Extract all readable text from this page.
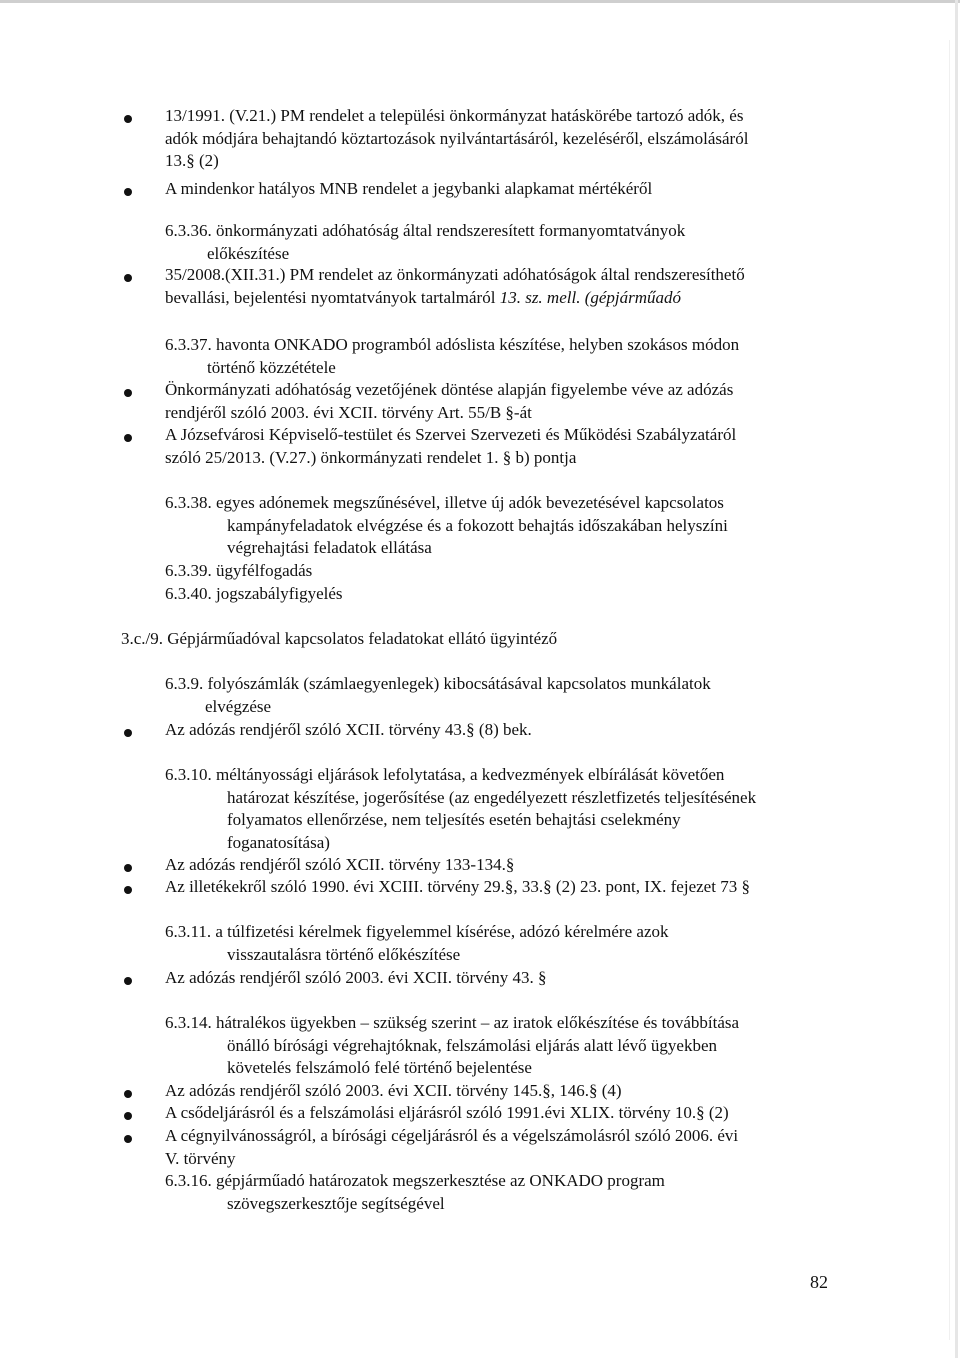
13/1991. (V.21.) PM rendelet a települési önkormányzat hatáskörébe tartozó adók, és
adók módjára behajtandó köztartozások nyilvántartásáról, kezeléséről, elszámolásáról
13.§ (2)
A mindenkor hatályos MNB rendelet a jegybanki alapkamat mértékéről
6.3.36. önkormányzati adóhatóság által rendszeresített formanyomtatványok
előkészítése
35/2008.(XII.31.) PM rendelet az önkormányzati adóhatóságok által rendszeresíthető
bevallási, bejelentési nyomtatványok tartalmáról 13. sz. mell. (gépjárműadó
6.3.37. havonta ONKADO programból adóslista készítése, helyben szokásos módon
történő közzététele
Önkormányzati adóhatóság vezetőjének döntése alapján figyelembe véve az adózás
rendjéről szóló 2003. évi XCII. törvény Art. 55/B §-át
A Józsefvárosi Képviselő-testület és Szervei Szervezeti és Működési Szabályzatáról
szóló 25/2013. (V.27.) önkormányzati rendelet 1. § b) pontja
6.3.38. egyes adónemek megszűnésével, illetve új adók bevezetésével kapcsolatos
kampányfeladatok elvégzése és a fokozott behajtás időszakában helyszíni
végrehajtási feladatok ellátása
6.3.39. ügyfélfogadás
6.3.40. jogszabályfigyelés
3.c./9. Gépjárműadóval kapcsolatos feladatokat ellátó ügyintéző
6.3.9. folyószámlák (számlaegyenlegek) kibocsátásával kapcsolatos munkálatok
elvégzése
Az adózás rendjéről szóló XCII. törvény 43.§ (8) bek.
6.3.10. méltányossági eljárások lefolytatása, a kedvezmények elbírálását követően
határozat készítése, jogerősítése (az engedélyezett részletfizetés teljesítésének
folyamatos ellenőrzése, nem teljesítés esetén behajtási cselekmény
foganatosítása)
Az adózás rendjéről szóló XCII. törvény 133-134.§
Az illetékekről szóló 1990. évi XCIII. törvény 29.§, 33.§ (2) 23. pont, IX. fejezet 73 §
6.3.11. a túlfizetési kérelmek figyelemmel kísérése, adózó kérelmére azok
visszautalásra történő előkészítése
Az adózás rendjéről szóló 2003. évi XCII. törvény 43. §
6.3.14. hátralékos ügyekben – szükség szerint – az iratok előkészítése és továbbítása
önálló bírósági végrehajtóknak, felszámolási eljárás alatt lévő ügyekben
követelés felszámoló felé történő bejelentése
Az adózás rendjéről szóló 2003. évi XCII. törvény 145.§, 146.§ (4)
A csődeljárásról és a felszámolási eljárásról szóló 1991.évi XLIX. törvény 10.§ (2)
A cégnyilvánosságról, a bírósági cégeljárásról és a végelszámolásról szóló 2006. évi
V. törvény
6.3.16. gépjárműadó határozatok megszerkesztése az ONKADO program
szövegszerkesztője segítségével
82
